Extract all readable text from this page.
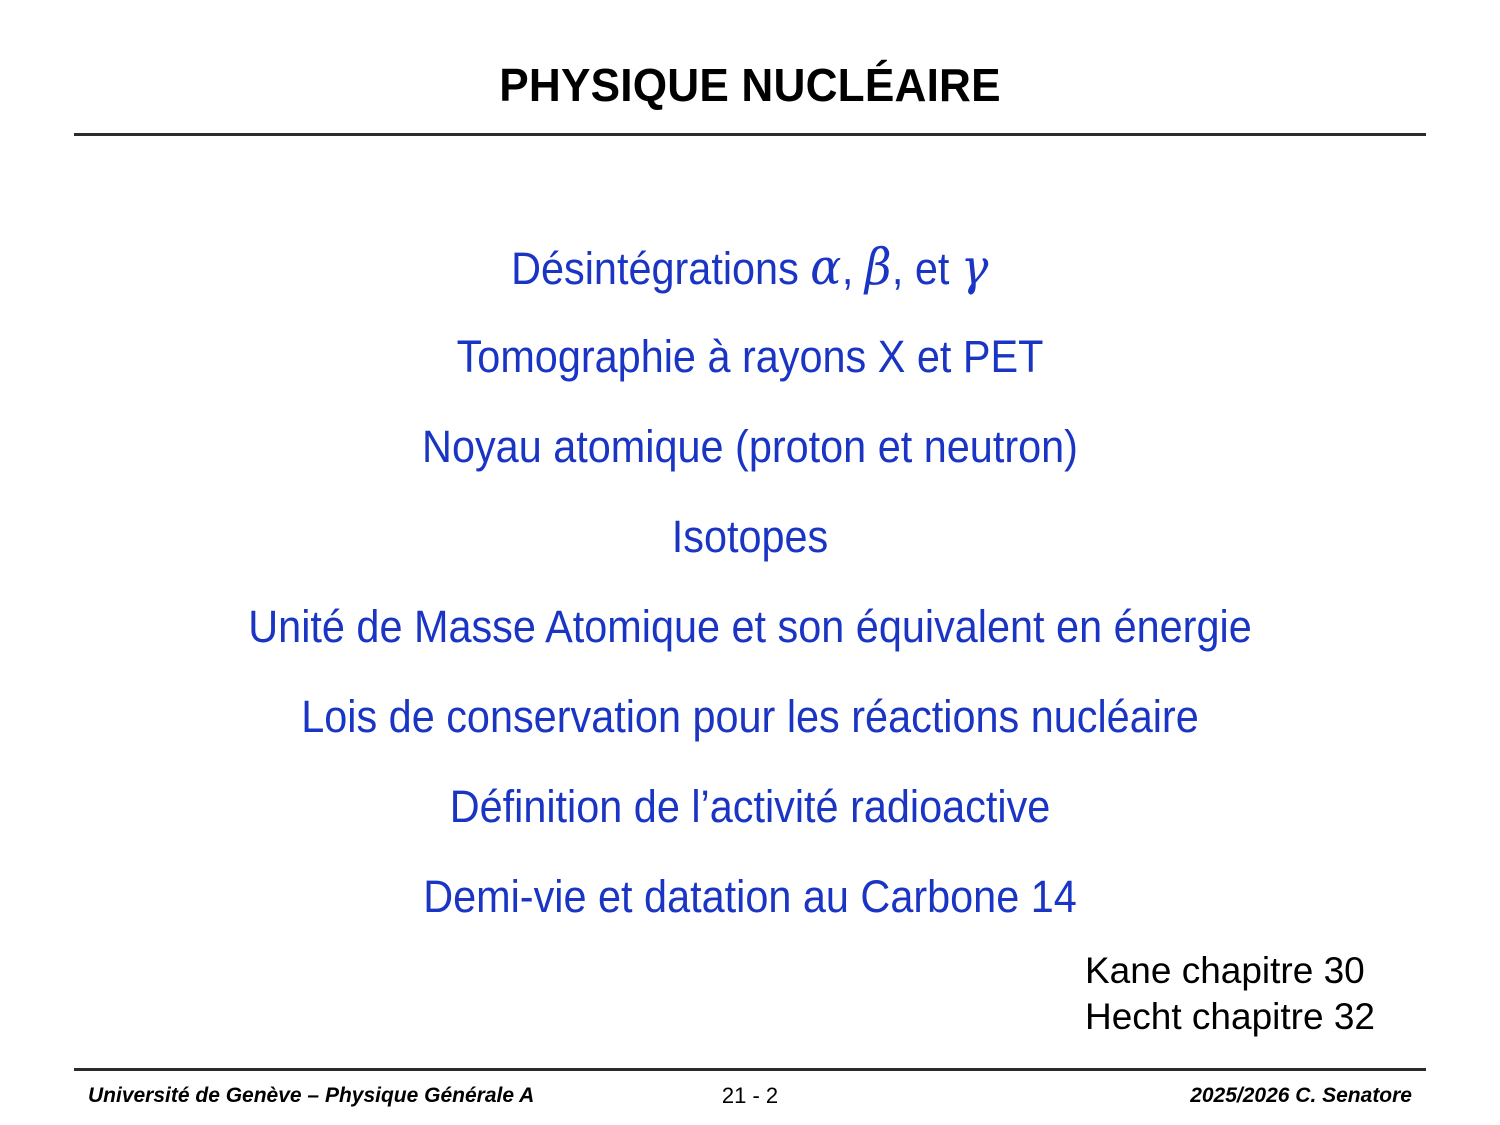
PHYSIQUE NUCLÉAIRE
Désintégrations α, β, et γ
Tomographie à rayons X et PET
Noyau atomique (proton et neutron)
Isotopes
Unité de Masse Atomique et son équivalent en énergie
Lois de conservation pour les réactions nucléaire
Définition de l’activité radioactive
Demi-vie et datation au Carbone 14
Kane chapitre 30
Hecht chapitre 32
Université de Genève – Physique Générale A	21 - 2	2025/2026 C. Senatore
